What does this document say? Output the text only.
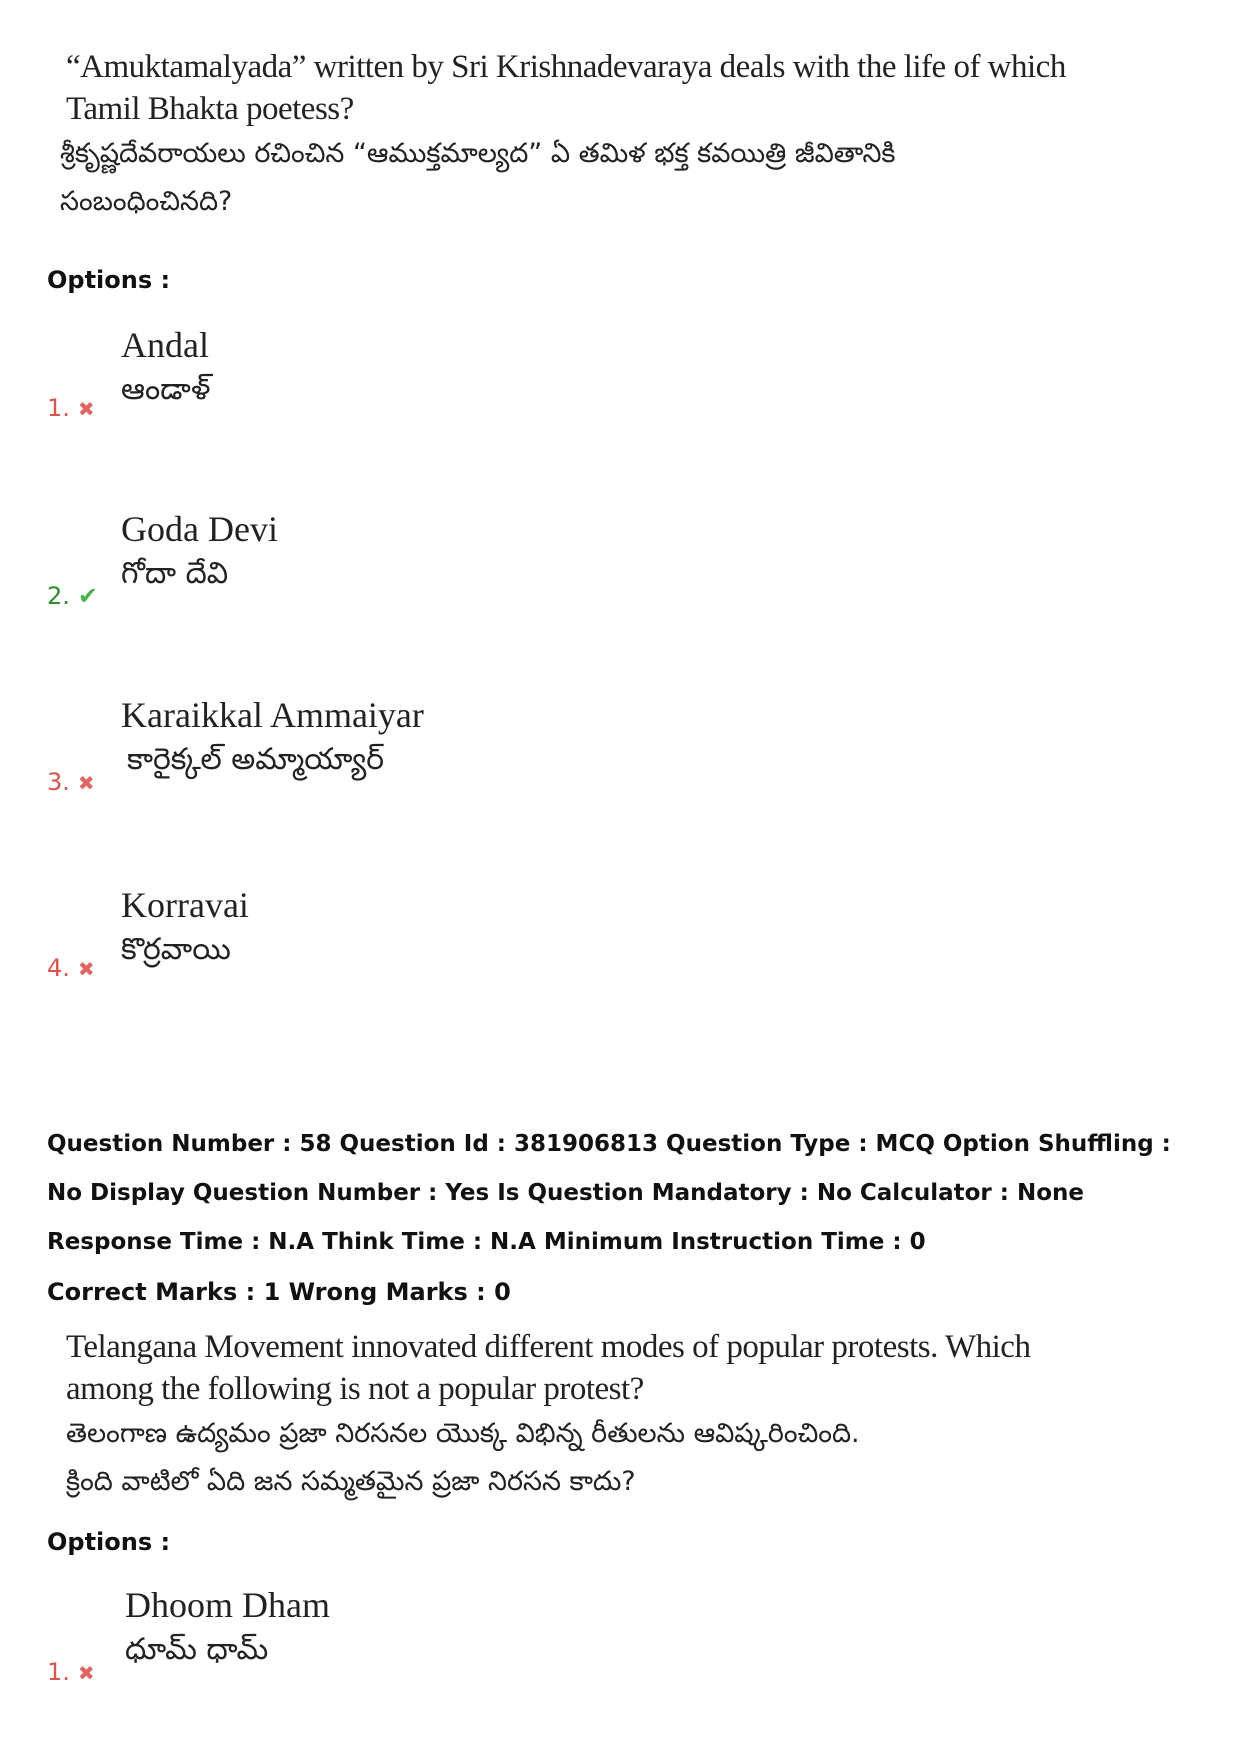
“Amuktamalyada” written by Sri Krishnadevaraya deals with the life of which
Tamil Bhakta poetess?
శ్రీకృష్ణదేవరాయలు రచించిన “ఆముక్తమాల్యద” ఏ తమిళ భక్త కవయిత్రి జీవితానికి
సంబంధించినది?
Options :
Andal
ఆండాళ్
1. ✖
Goda Devi
గోదా దేవి
2. ✔
Karaikkal Ammaiyar
కారైక్కల్ అమ్మాయ్యార్
3. ✖
Korravai
కొర్రవాయి
4. ✖
Question Number : 58 Question Id : 381906813 Question Type : MCQ Option Shuffling : No Display Question Number : Yes Is Question Mandatory : No Calculator : None Response Time : N.A Think Time : N.A Minimum Instruction Time : 0
Correct Marks : 1 Wrong Marks : 0
Telangana Movement innovated different modes of popular protests. Which
among the following is not a popular protest?
తెలంగాణ ఉద్యమం ప్రజా నిరసనల యొక్క విభిన్న రీతులను ఆవిష్కరించింది.
క్రింది వాటిలో ఏది జన సమ్మతమైన ప్రజా నిరసన కాదు?
Options :
Dhoom Dham
ధూమ్ ధామ్
1. ✖
